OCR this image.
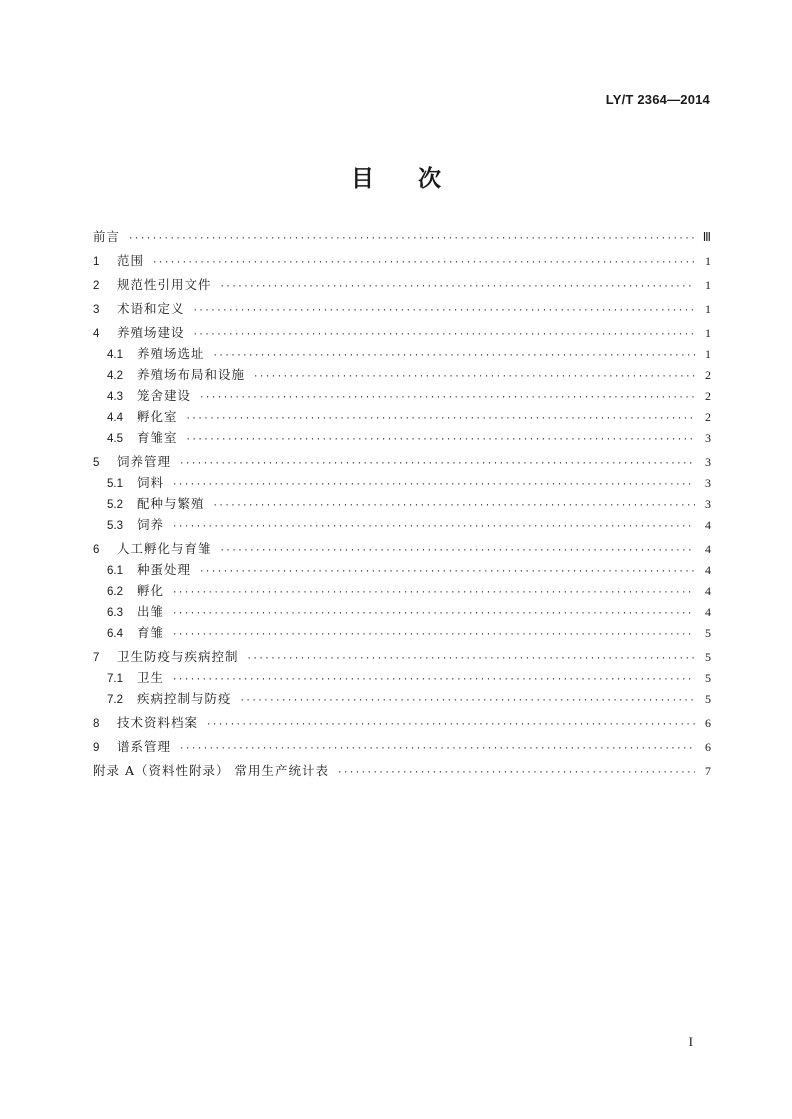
LY/T 2364—2014
目次
前言 ·····	Ⅲ
1	范围 ·····	1
2	规范性引用文件 ·····	1
3	术语和定义 ·····	1
4	养殖场建设 ·····	1
4.1	养殖场选址 ·····	1
4.2	养殖场布局和设施 ·····	2
4.3	笼舍建设 ·····	2
4.4	孵化室 ·····	2
4.5	育雏室 ·····	3
5	饲养管理 ·····	3
5.1	饲料 ·····	3
5.2	配种与繁殖 ·····	3
5.3	饲养 ·····	4
6	人工孵化与育雏 ·····	4
6.1	种蛋处理 ·····	4
6.2	孵化 ·····	4
6.3	出雏 ·····	4
6.4	育雏 ·····	5
7	卫生防疫与疾病控制 ·····	5
7.1	卫生 ·····	5
7.2	疾病控制与防疫 ·····	5
8	技术资料档案 ·····	6
9	谱系管理 ·····	6
附录 A（资料性附录） 常用生产统计表 ·····	7
I
